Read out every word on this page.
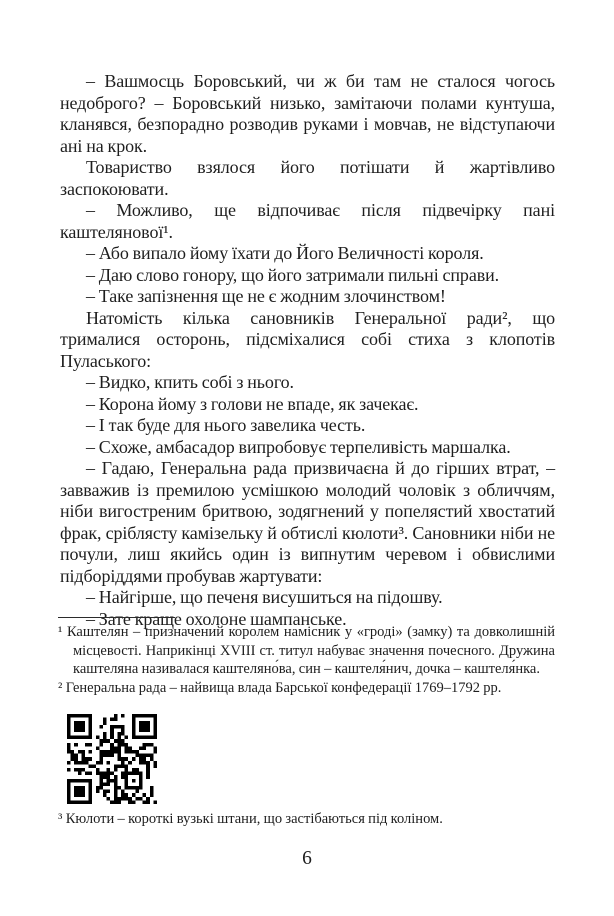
– Вашмосць Боровський, чи ж би там не сталося чогось недоброго? – Боровський низько, замітаючи полами кунтуша, кланявся, безпорадно розводив руками і мовчав, не відступаючи ані на крок.

Товариство взялося його потішати й жартівливо заспокоювати.

– Можливо, ще відпочиває після підвечірку пані каштелянової¹.

– Або випало йому їхати до Його Величності короля.

– Даю слово гонору, що його затримали пильні справи.

– Таке запізнення ще не є жодним злочинством!

Натомість кілька сановників Генеральної ради², що трималися осторонь, підсміхалися собі стиха з клопотів Пуласького:

– Видко, кпить собі з нього.

– Корона йому з голови не впаде, як зачекає.

– І так буде для нього завелика честь.

– Схоже, амбасадор випробовує терпеливість маршалка.

– Гадаю, Генеральна рада призвичаєна й до гірших втрат, – завважив із премилою усмішкою молодий чоловік з обличчям, ніби вигостреним бритвою, зодягнений у попелястий хвостатий фрак, сріблясту камізельку й обтислі кюлоти³. Сановники ніби не почули, лиш якийсь один із випнутим черевом і обвислими підборіддями пробував жартувати:

– Найгірше, що печеня висушиться на підошву.

– Зате краще охолоне шампанське.

¹ Каштелян – призначений королем намісник у «гроді» (замку) та довколишній місцевості. Наприкінці XVIII ст. титул набуває значення почесного. Дружина каштеляна називалася каштеляно́ва, син – каштеля́нич, дочка – каштеля́нка.

² Генеральна рада – найвища влада Барської конфедерації 1769–1792 рр.

³ Кюлоти – короткі вузькі штани, що застібаються під коліном.

6
